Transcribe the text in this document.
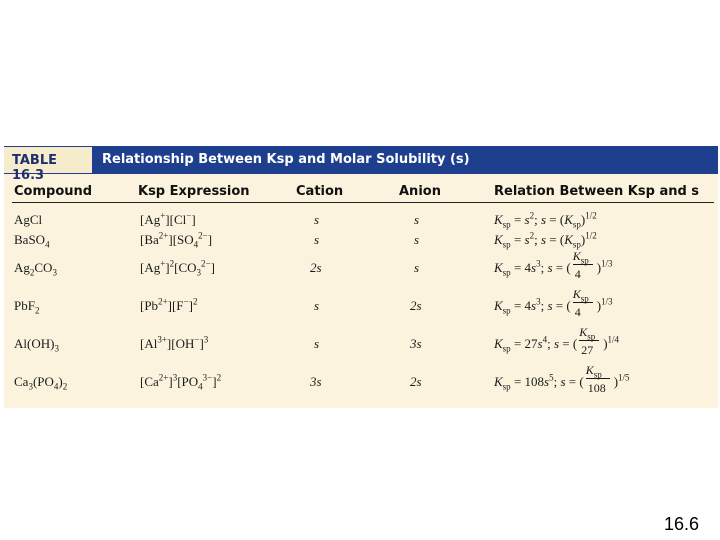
TABLE 16.3
Relationship Between Ksp and Molar Solubility (s)
Compound	Ksp Expression	Cation	Anion	Relation Between Ksp and s
AgCl	[Ag+][Cl−]	s	s	$K_{sp} = s^2$; $s = (K_{sp})^{1/2}$
BaSO$_4$	$[Ba^{2+}][SO_4^{2-}]$	s	s	$K_{sp} = s^2$; $s = (K_{sp})^{1/2}$
$Ag_2CO_3$	$[Ag^+]^2[CO_3^{2-}]$	2s	s	$K_{sp} = 4s^3$; s = ( $\frac{K_{sp}}{4} )^{1/3}$
PbF$_2$	$[Pb^{2+}][F^-]^2$	s	2s	$K_{sp} = 4s^3$; s = ( $\frac{K_{sp}}{4} )^{1/3}$
$Al(OH)_3$	$[Al^{3+}][OH^-]^3$	s	3s	$K_{sp} = 27s^4$; s = ( $\frac{K_{sp}}{27} )^{1/4}$
$Ca_3(PO_4)_2$	$[Ca^{2+}]^3[PO_4^{3-}]^2$	3s	2s	$K_{sp} = 108s^5$; s = ( $\frac{K_{sp}}{108} )^{1/5}$
16.6
